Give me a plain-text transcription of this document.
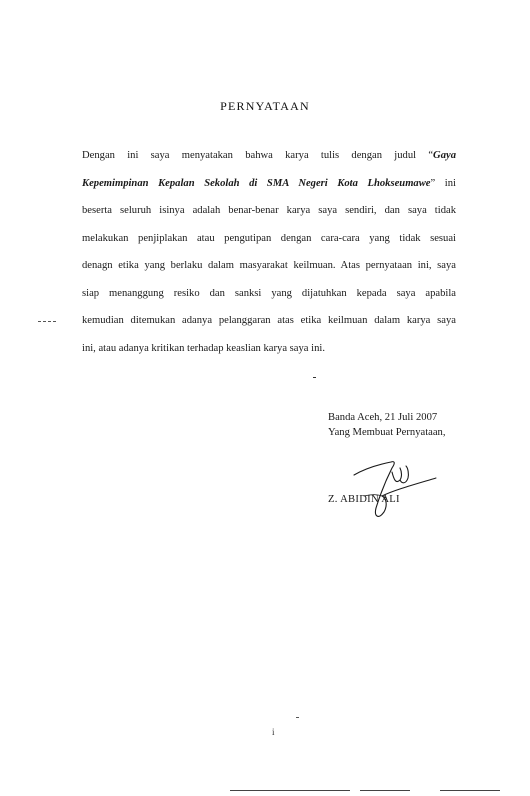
PERNYATAAN
Dengan ini saya menyatakan bahwa karya tulis dengan judul “Gaya
Kepemimpinan Kepalan Sekolah di SMA Negeri Kota Lhokseumawe” ini
beserta seluruh isinya adalah benar-benar karya saya sendiri, dan saya tidak
melakukan penjiplakan atau pengutipan dengan cara-cara yang tidak sesuai
denagn etika yang berlaku dalam masyarakat keilmuan. Atas pernyataan ini, saya
siap menanggung resiko dan sanksi yang dijatuhkan kepada saya apabila
kemudian ditemukan adanya pelanggaran atas etika keilmuan dalam karya saya
ini, atau adanya kritikan terhadap keaslian karya saya ini.
Banda Aceh, 21 Juli 2007
Yang Membuat Pernyataan,
Z. ABIDIN ALI
i
